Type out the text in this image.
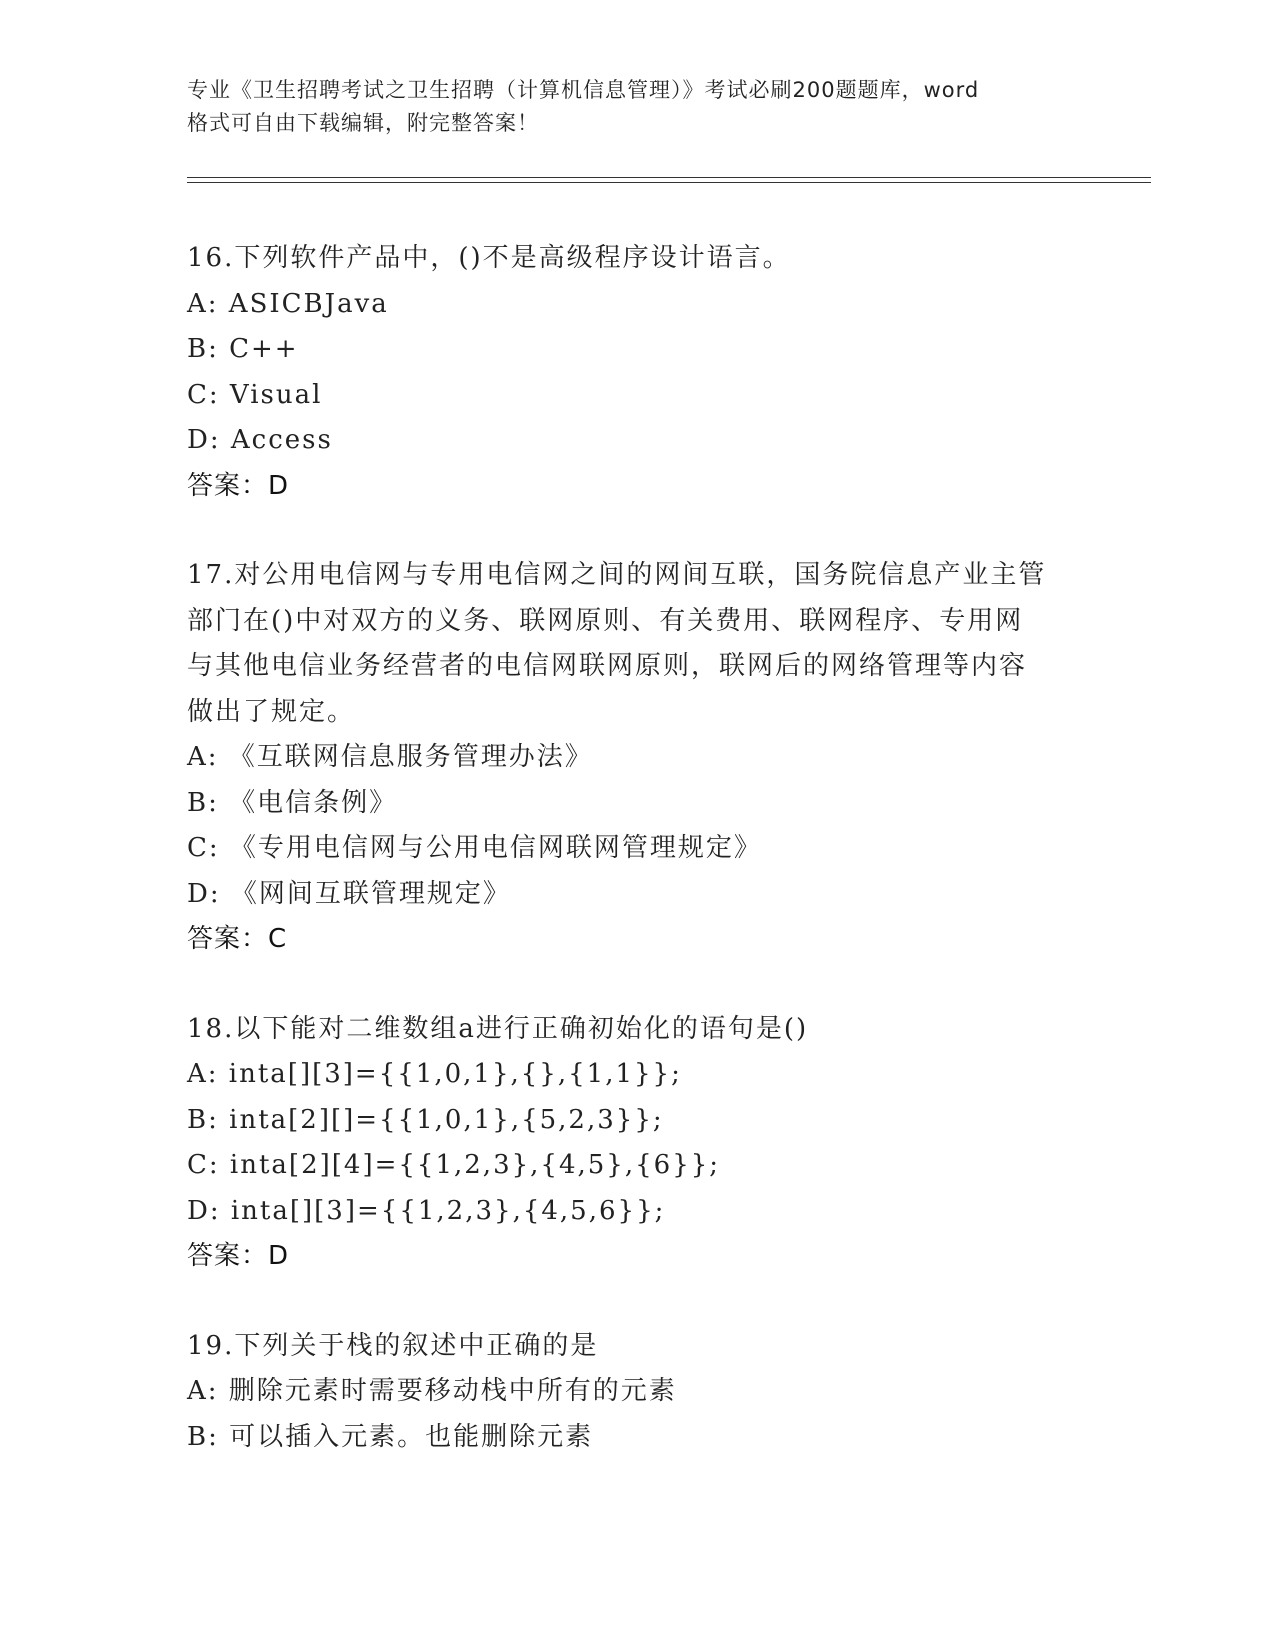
专业《卫生招聘考试之卫生招聘（计算机信息管理）》考试必刷200题题库，word
格式可自由下载编辑，附完整答案！
16.下列软件产品中，()不是高级程序设计语言。
A: ASICBJava
B: C++
C: Visual
D: Access
答案：D
17.对公用电信网与专用电信网之间的网间互联，国务院信息产业主管
部门在()中对双方的义务、联网原则、有关费用、联网程序、专用网
与其他电信业务经营者的电信网联网原则，联网后的网络管理等内容
做出了规定。
A: 《互联网信息服务管理办法》
B: 《电信条例》
C: 《专用电信网与公用电信网联网管理规定》
D: 《网间互联管理规定》
答案：C
18.以下能对二维数组a进行正确初始化的语句是()
A: inta[][3]={{1,0,1},{},{1,1}};
B: inta[2][]={{1,0,1},{5,2,3}};
C: inta[2][4]={{1,2,3},{4,5},{6}};
D: inta[][3]={{1,2,3},{4,5,6}};
答案：D
19.下列关于栈的叙述中正确的是
A: 删除元素时需要移动栈中所有的元素
B: 可以插入元素。也能删除元素
